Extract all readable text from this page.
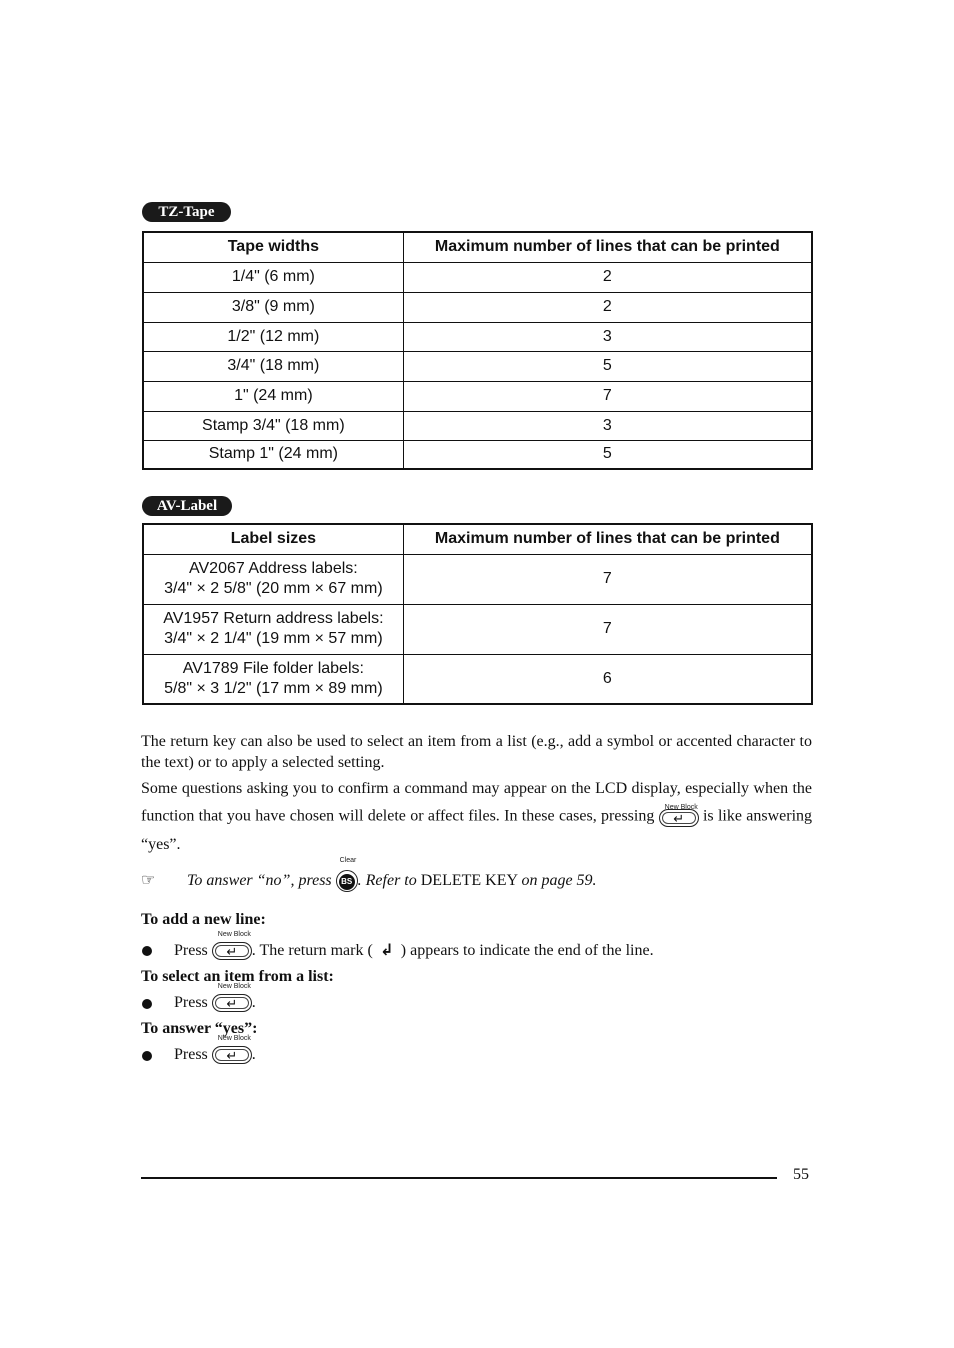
TZ-Tape
Tape widths	Maximum number of lines that can be printed
1/4" (6 mm)	2
3/8" (9 mm)	2
1/2" (12 mm)	3
3/4" (18 mm)	5
1" (24 mm)	7
Stamp 3/4" (18 mm)	3
Stamp 1" (24 mm)	5
AV-Label
Label sizes	Maximum number of lines that can be printed

AV2067 Address labels:
3/4" × 2 5/8" (20 mm × 67 mm)	7

AV1957 Return address labels:
3/4" × 2 1/4" (19 mm × 57 mm)	7

AV1789 File folder labels:
5/8" × 3 1/2" (17 mm × 89 mm)	6
The return key can also be used to select an item from a list (e.g., add a symbol or accented character to the text) or to apply a selected setting.
Some questions asking you to confirm a command may appear on the LCD display, especially when the function that you have chosen will delete or affect files. In these cases, pressing
New Block
↵ is like answering “yes”.
☞ To answer “no”, press
Clear
BS . Refer to DELETE KEY on page 59.
To add a new line:
Press
New Block
↵ . The return mark ( ↲ ) appears to indicate the end of the line.
To select an item from a list:
Press
New Block
↵ .
To answer “yes”:
Press
New Block
↵ .
55
